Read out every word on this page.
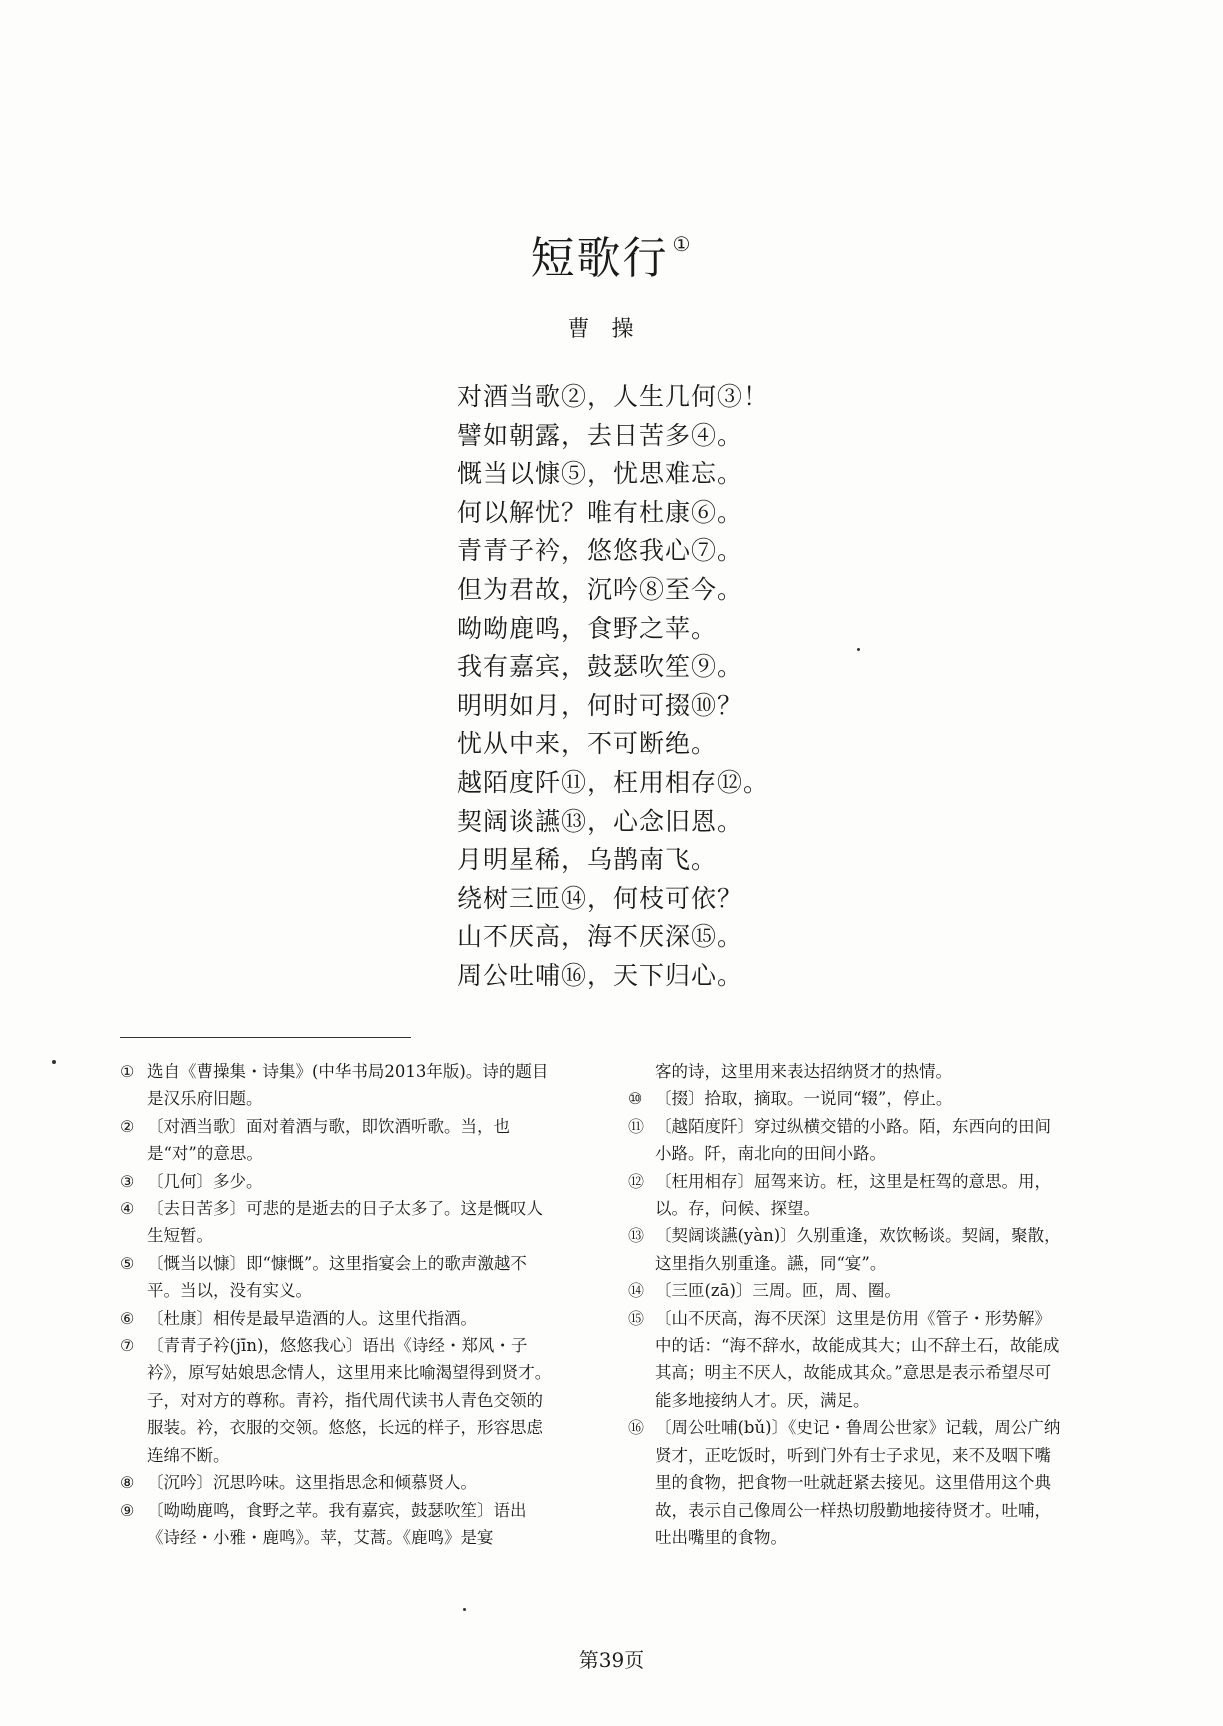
短歌行 ①
曹操
对酒当歌②，人生几何③！
譬如朝露，去日苦多④。
慨当以慷⑤，忧思难忘。
何以解忧？唯有杜康⑥。
青青子衿，悠悠我心⑦。
但为君故，沉吟⑧至今。
呦呦鹿鸣，食野之苹。
我有嘉宾，鼓瑟吹笙⑨。
明明如月，何时可掇⑩？
忧从中来，不可断绝。
越陌度阡⑪，枉用相存⑫。
契阔谈讌⑬，心念旧恩。
月明星稀，乌鹊南飞。
绕树三匝⑭，何枝可依？
山不厌高，海不厌深⑮。
周公吐哺⑯，天下归心。
① 选自《曹操集・诗集》(中华书局2013年版)。诗的题目是汉乐府旧题。
② 〔对酒当歌〕面对着酒与歌，即饮酒听歌。当，也是“对”的意思。
③ 〔几何〕多少。
④ 〔去日苦多〕可悲的是逝去的日子太多了。这是慨叹人生短暂。
⑤ 〔慨当以慷〕即“慷慨”。这里指宴会上的歌声激越不平。当以，没有实义。
⑥ 〔杜康〕相传是最早造酒的人。这里代指酒。
⑦ 〔青青子衿(jīn)，悠悠我心〕语出《诗经・郑风・子衿》，原写姑娘思念情人，这里用来比喻渴望得到贤才。子，对对方的尊称。青衿，指代周代读书人青色交领的服装。衿，衣服的交领。悠悠，长远的样子，形容思虑连绵不断。
⑧ 〔沉吟〕沉思吟味。这里指思念和倾慕贤人。
⑨ 〔呦呦鹿鸣，食野之苹。我有嘉宾，鼓瑟吹笙〕语出《诗经・小雅・鹿鸣》。苹，艾蒿。《鹿鸣》是宴
客的诗，这里用来表达招纳贤才的热情。
⑩ 〔掇〕拾取，摘取。一说同“辍”，停止。
⑪ 〔越陌度阡〕穿过纵横交错的小路。陌，东西向的田间小路。阡，南北向的田间小路。
⑫ 〔枉用相存〕屈驾来访。枉，这里是枉驾的意思。用，以。存，问候、探望。
⑬ 〔契阔谈讌(yàn)〕久别重逢，欢饮畅谈。契阔，聚散，这里指久别重逢。讌，同“宴”。
⑭ 〔三匝(zā)〕三周。匝，周、圈。
⑮ 〔山不厌高，海不厌深〕这里是仿用《管子・形势解》中的话：“海不辞水，故能成其大；山不辞土石，故能成其高；明主不厌人，故能成其众。”意思是表示希望尽可能多地接纳人才。厌，满足。
⑯ 〔周公吐哺(bǔ)〕《史记・鲁周公世家》记载，周公广纳贤才，正吃饭时，听到门外有士子求见，来不及咽下嘴里的食物，把食物一吐就赶紧去接见。这里借用这个典故，表示自己像周公一样热切殷勤地接待贤才。吐哺，吐出嘴里的食物。
第39页
